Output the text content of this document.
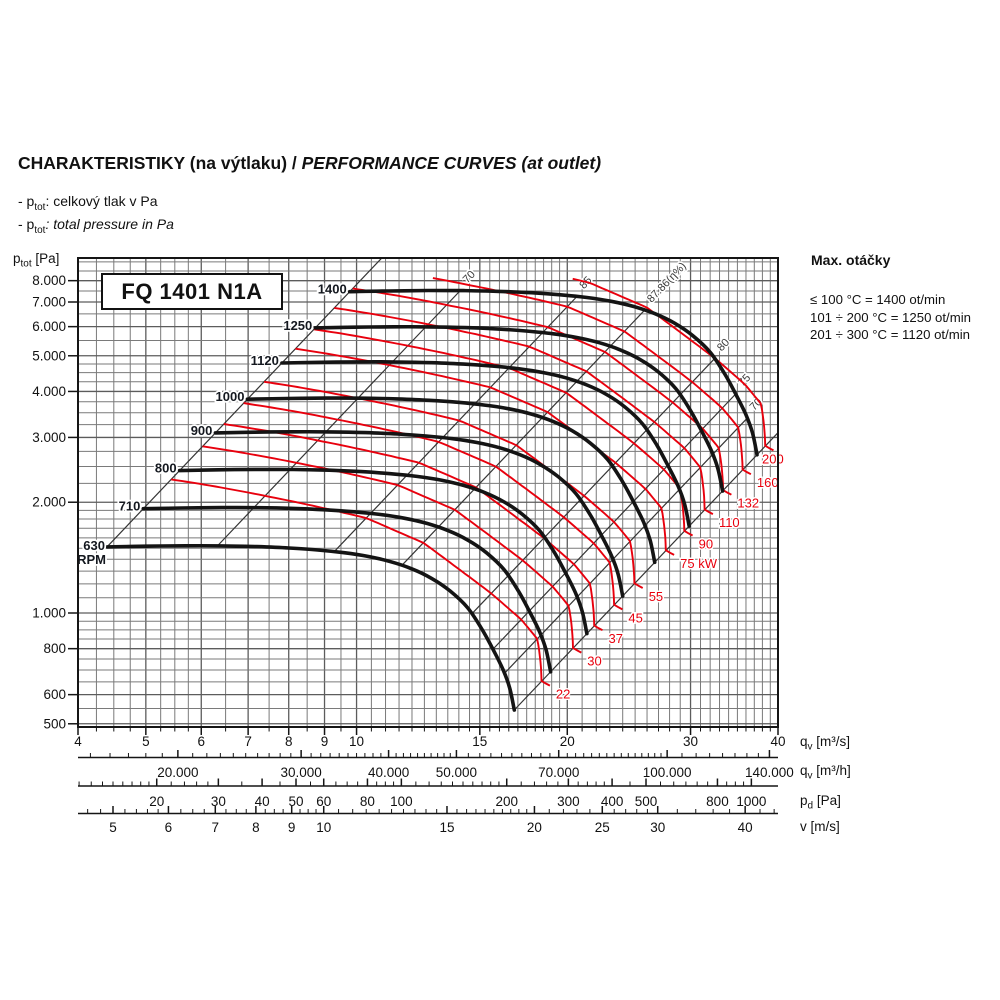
70	85	87.86(η%)
80
75
70
22
30
37
45
55
75 kW
90
110
132
160
200
630
RPM
710
800
900
1000
1120
1250
1400
8.000
7.000
6.000
5.000
4.000
3.000
2.000
1.000
800
600
500
4	5	6	7 8 9 10	15	20	30	40
20.000	30.000	40.000 50.000	70.000	100.000	140.000
20	30 40 50 60 80 100	200	300 400 500	800 1000
5	6	7 8 9 10	15	20	25	30	40
CHARAKTERISTIKY (na výtlaku) / PERFORMANCE CURVES (at outlet)
- $p_{tot}$: celkový tlak v Pa
- $p_{tot}$: total pressure in Pa
$p_{tot}$ [Pa]
FQ 1401 N1A
Max. otáčky
≤ 100 °C = 1400 ot/min
101 ÷ 200 °C = 1250 ot/min
201 ÷ 300 °C = 1120 ot/min
$q_v$ [m³/s]
$q_v$ [m³/h]
$p_d$ [Pa]
v [m/s]
